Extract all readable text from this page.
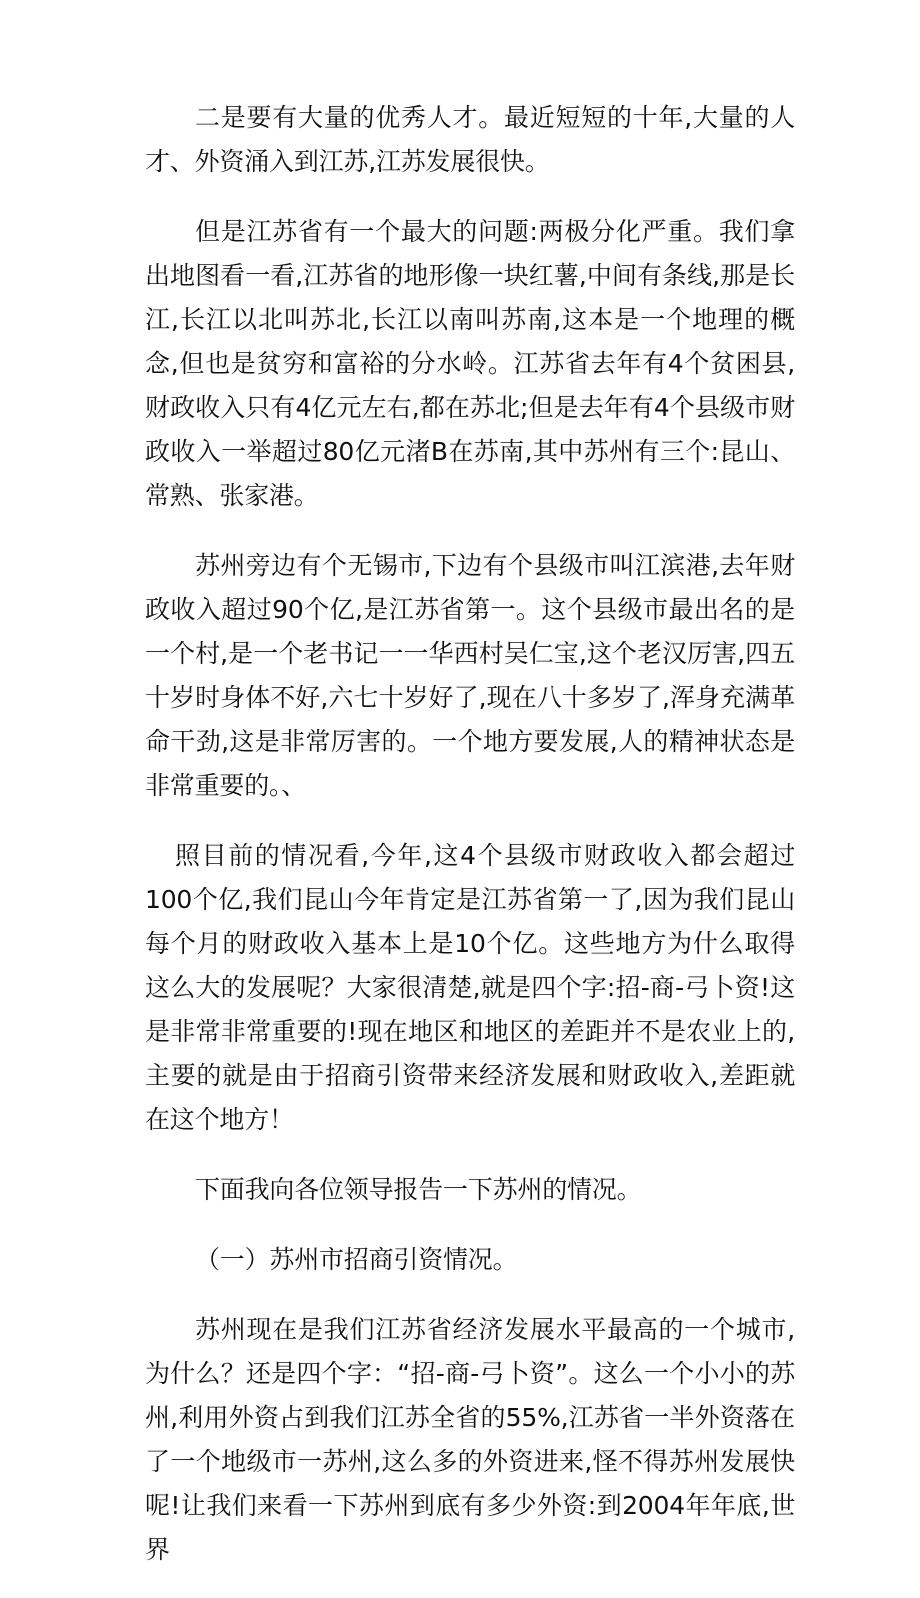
二是要有大量的优秀人才。最近短短的十年,大量的人才、外资涌入到江苏,江苏发展很快。

但是江苏省有一个最大的问题:两极分化严重。我们拿出地图看一看,江苏省的地形像一块红薯,中间有条线,那是长江,长江以北叫苏北,长江以南叫苏南,这本是一个地理的概念,但也是贫穷和富裕的分水岭。江苏省去年有4个贫困县,财政收入只有4亿元左右,都在苏北;但是去年有4个县级市财政收入一举超过80亿元渚B在苏南,其中苏州有三个:昆山、常熟、张家港。

苏州旁边有个无锡市,下边有个县级市叫江滨港,去年财政收入超过90个亿,是江苏省第一。这个县级市最出名的是一个村,是一个老书记一一华西村吴仁宝,这个老汉厉害,四五十岁时身体不好,六七十岁好了,现在八十多岁了,浑身充满革命干劲,这是非常厉害的。一个地方要发展,人的精神状态是非常重要的。、

照目前的情况看,今年,这4个县级市财政收入都会超过100个亿,我们昆山今年肯定是江苏省第一了,因为我们昆山每个月的财政收入基本上是10个亿。这些地方为什么取得这么大的发展呢？大家很清楚,就是四个字:招-商-弓卜资!这是非常非常重要的!现在地区和地区的差距并不是农业上的,主要的就是由于招商引资带来经济发展和财政收入,差距就在这个地方！

下面我向各位领导报告一下苏州的情况。

（一）苏州市招商引资情况。

苏州现在是我们江苏省经济发展水平最高的一个城市,为什么？还是四个字：“招-商-弓卜资”。这么一个小小的苏州,利用外资占到我们江苏全省的55%,江苏省一半外资落在了一个地级市一苏州,这么多的外资进来,怪不得苏州发展快呢!让我们来看一下苏州到底有多少外资:到2004年年底,世界
